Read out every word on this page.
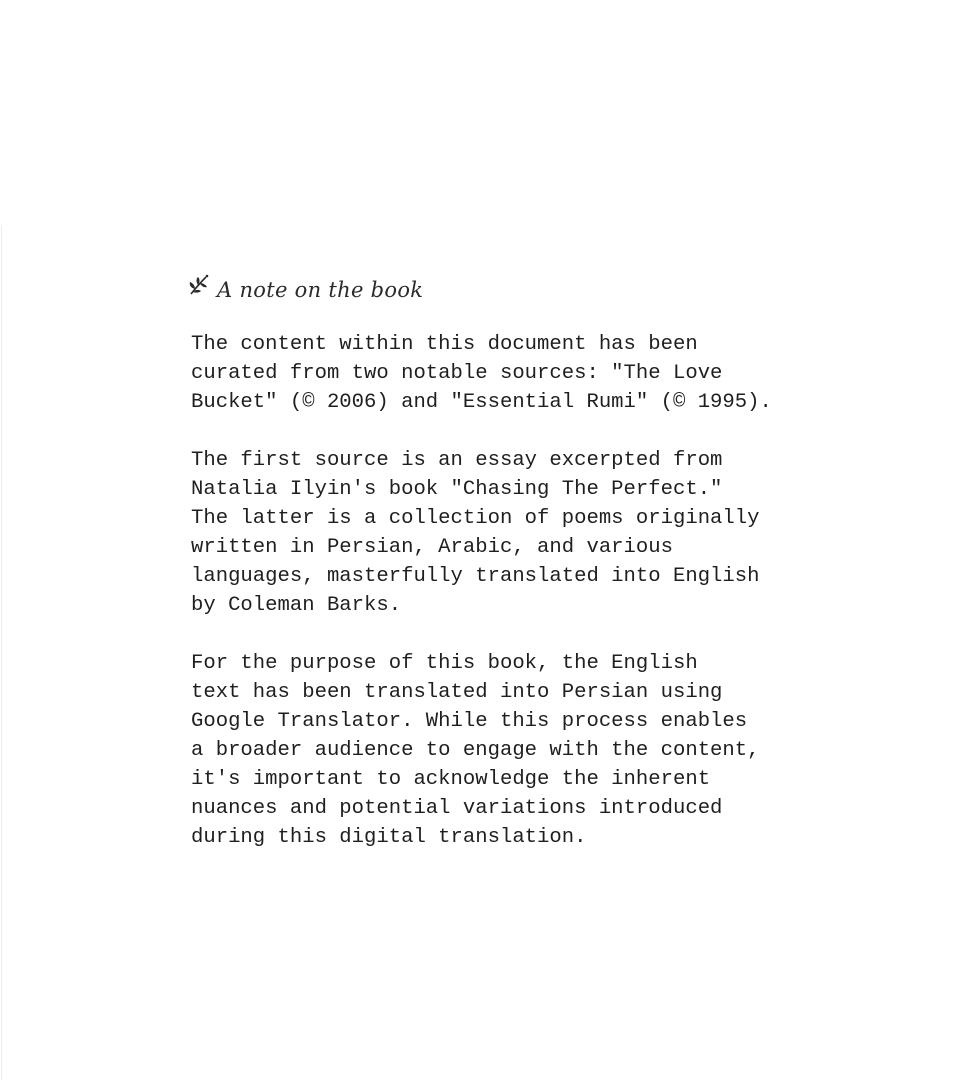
A note on the book

The content within this document has been
curated from two notable sources: "The Love
Bucket" (© 2006) and "Essential Rumi" (© 1995).

The first source is an essay excerpted from
Natalia Ilyin's book "Chasing The Perfect."
The latter is a collection of poems originally
written in Persian, Arabic, and various
languages, masterfully translated into English
by Coleman Barks.

For the purpose of this book, the English
text has been translated into Persian using
Google Translator. While this process enables
a broader audience to engage with the content,
it's important to acknowledge the inherent
nuances and potential variations introduced
during this digital translation.
